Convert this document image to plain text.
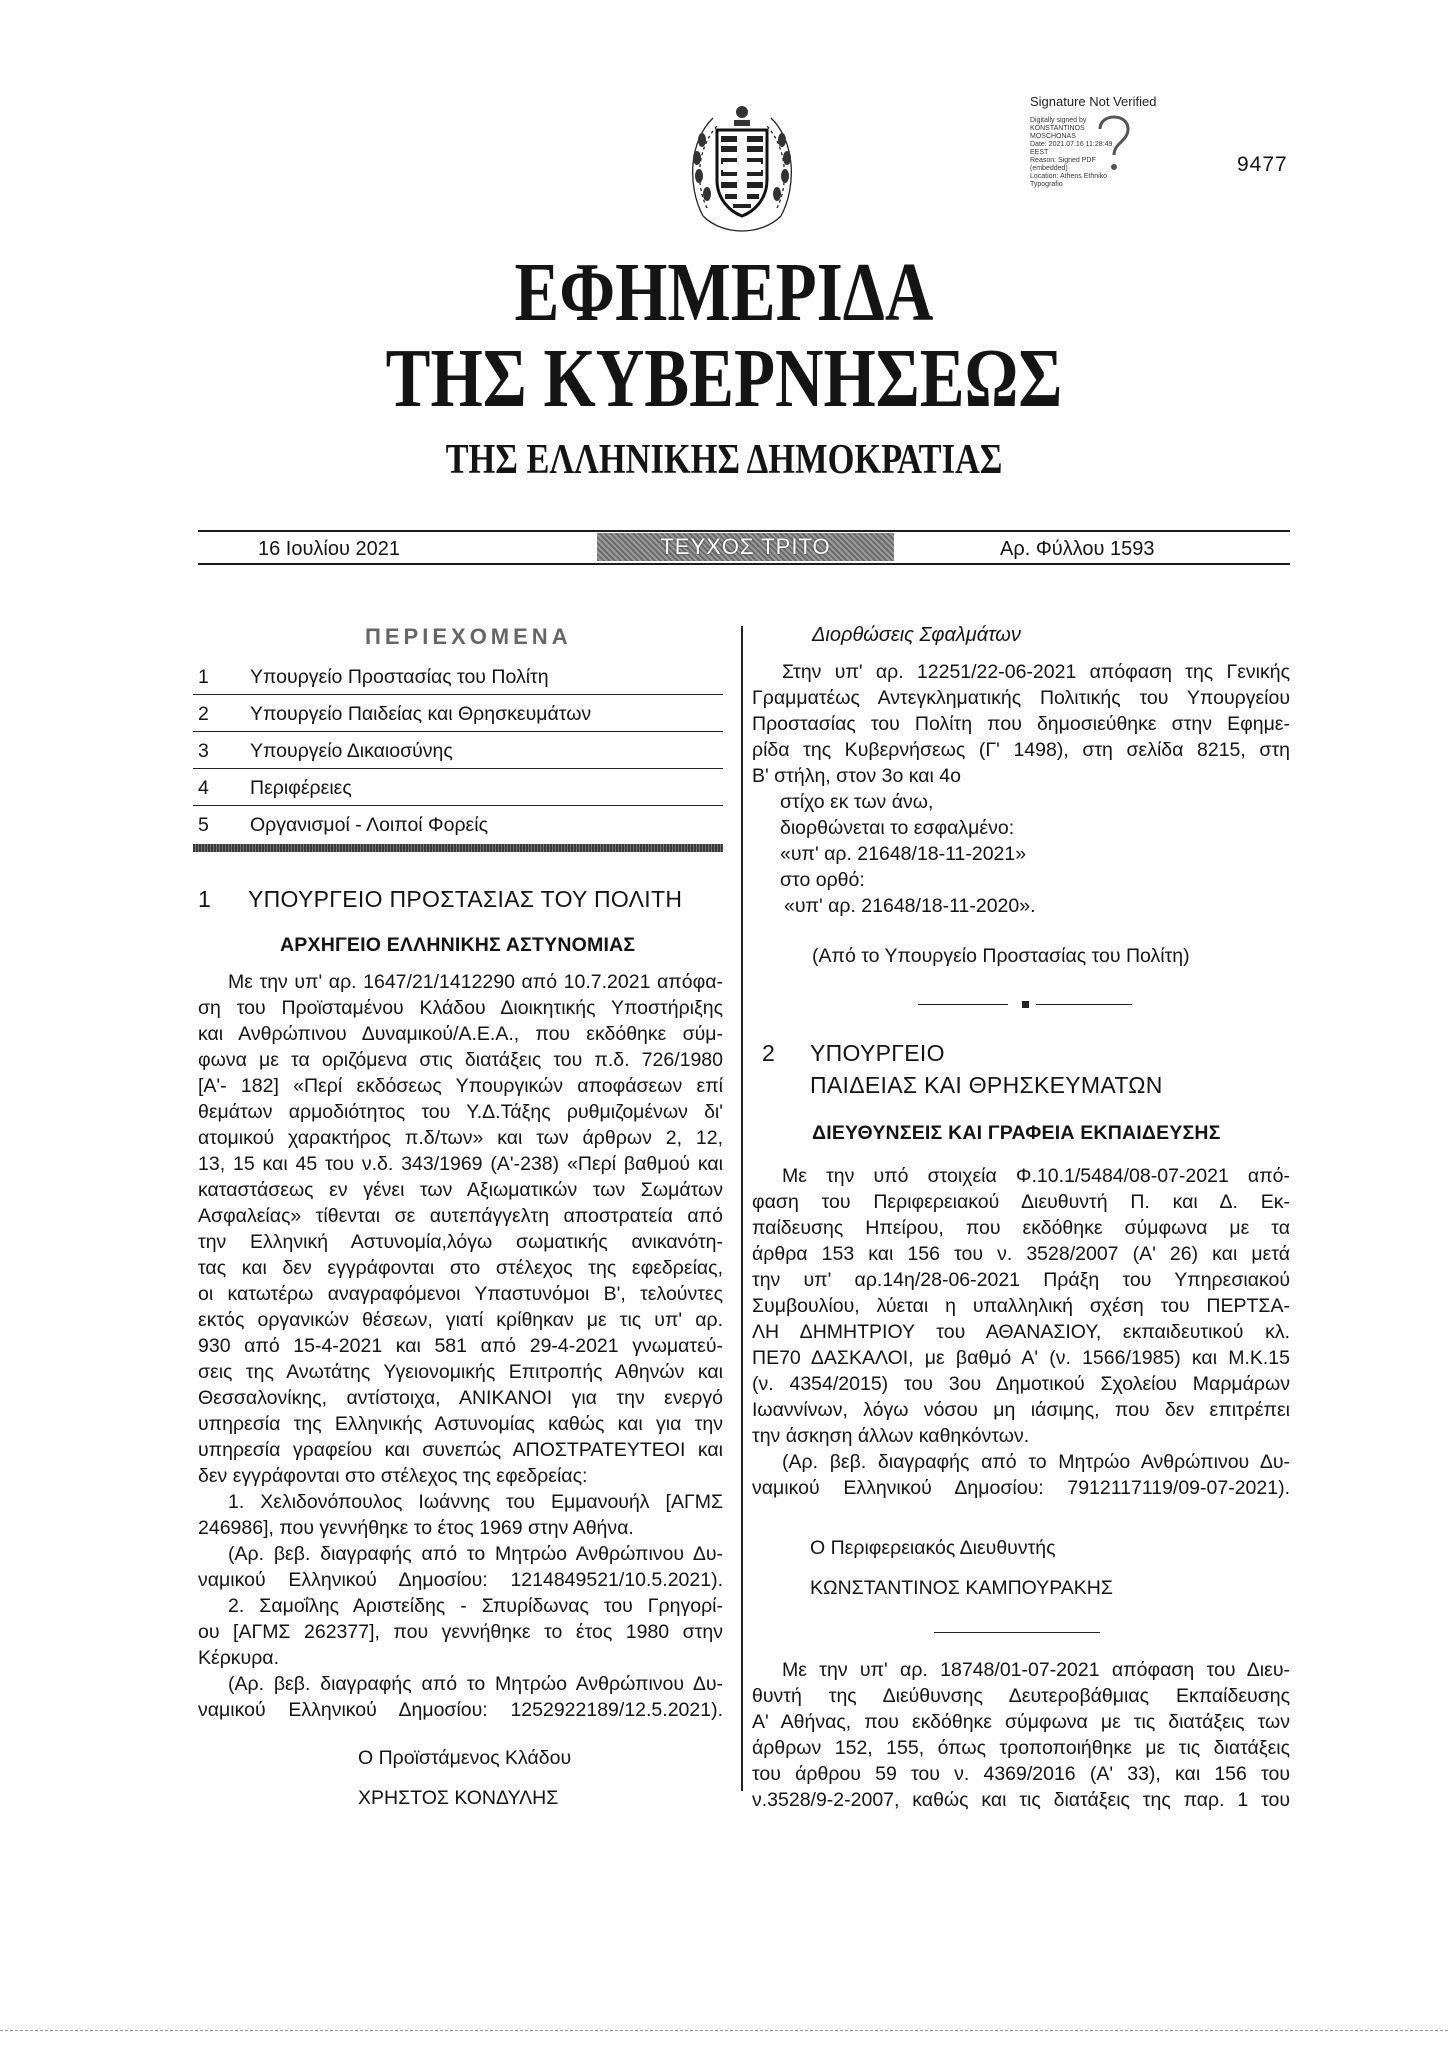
Signature Not Verified
Digitally signed by
KONSTANTINOS
MOSCHONAS
Date: 2021.07.16 11:28:49
EEST
Reason: Signed PDF
(embedded)
Location: Athens Ethniko
Typografio
9477
ΕΦΗΜΕΡΙΔΑ
ΤΗΣ ΚΥΒΕΡΝΗΣΕΩΣ
ΤΗΣ ΕΛΛΗΝΙΚΗΣ ΔΗΜΟΚΡΑΤΙΑΣ
16 Ιουλίου 2021	ΤΕΥΧΟΣ ΤΡΙΤΟ	Αρ. Φύλλου 1593
ΠΕΡΙΕΧΟΜΕΝΑ
1 Υπουργείο Προστασίας του Πολίτη
2 Υπουργείο Παιδείας και Θρησκευμάτων
3 Υπουργείο Δικαιοσύνης
4 Περιφέρειες
5 Οργανισμοί - Λοιποί Φορείς
1 ΥΠΟΥΡΓΕΙΟ ΠΡΟΣΤΑΣΙΑΣ ΤΟΥ ΠΟΛΙΤΗ
ΑΡΧΗΓΕΙΟ ΕΛΛΗΝΙΚΗΣ ΑΣΤΥΝΟΜΙΑΣ
Με την υπ' αρ. 1647/21/1412290 από 10.7.2021 απόφα-
ση του Προϊσταμένου Κλάδου Διοικητικής Υποστήριξης
και Ανθρώπινου Δυναμικού/Α.Ε.Α., που εκδόθηκε σύμ-
φωνα με τα οριζόμενα στις διατάξεις του π.δ. 726/1980
[Α'- 182] «Περί εκδόσεως Υπουργικών αποφάσεων επί
θεμάτων αρμοδιότητος του Υ.Δ.Τάξης ρυθμιζομένων δι'
ατομικού χαρακτήρος π.δ/των» και των άρθρων 2, 12,
13, 15 και 45 του ν.δ. 343/1969 (Α'-238) «Περί βαθμού και
καταστάσεως εν γένει των Αξιωματικών των Σωμάτων
Ασφαλείας» τίθενται σε αυτεπάγγελτη αποστρατεία από
την Ελληνική Αστυνομία,λόγω σωματικής ανικανότη-
τας και δεν εγγράφονται στο στέλεχος της εφεδρείας,
οι κατωτέρω αναγραφόμενοι Υπαστυνόμοι Β', τελούντες
εκτός οργανικών θέσεων, γιατί κρίθηκαν με τις υπ' αρ.
930 από 15-4-2021 και 581 από 29-4-2021 γνωματεύ-
σεις της Ανωτάτης Υγειονομικής Επιτροπής Αθηνών και
Θεσσαλονίκης, αντίστοιχα, ΑΝΙΚΑΝΟΙ για την ενεργό
υπηρεσία της Ελληνικής Αστυνομίας καθώς και για την
υπηρεσία γραφείου και συνεπώς ΑΠΟΣΤΡΑΤΕΥΤΕΟΙ και
δεν εγγράφονται στο στέλεχος της εφεδρείας:
1. Χελιδονόπουλος Ιωάννης του Εμμανουήλ [ΑΓΜΣ
246986], που γεννήθηκε το έτος 1969 στην Αθήνα.
(Αρ. βεβ. διαγραφής από το Μητρώο Ανθρώπινου Δυ-
ναμικού Ελληνικού Δημοσίου: 1214849521/10.5.2021).
2. Σαμοΐλης Αριστείδης - Σπυρίδωνας του Γρηγορί-
ου [ΑΓΜΣ 262377], που γεννήθηκε το έτος 1980 στην
Κέρκυρα.
(Αρ. βεβ. διαγραφής από το Μητρώο Ανθρώπινου Δυ-
ναμικού Ελληνικού Δημοσίου: 1252922189/12.5.2021).
Ο Προϊστάμενος Κλάδου
ΧΡΗΣΤΟΣ ΚΟΝΔΥΛΗΣ
Διορθώσεις Σφαλμάτων
Στην υπ' αρ. 12251/22-06-2021 απόφαση της Γενικής
Γραμματέως Αντεγκληματικής Πολιτικής του Υπουργείου
Προστασίας του Πολίτη που δημοσιεύθηκε στην Εφημε-
ρίδα της Κυβερνήσεως (Γ' 1498), στη σελίδα 8215, στη
Β' στήλη, στον 3ο και 4ο
στίχο εκ των άνω,
διορθώνεται το εσφαλμένο:
«υπ' αρ. 21648/18-11-2021»
στο ορθό:
«υπ' αρ. 21648/18-11-2020».
(Από το Υπουργείο Προστασίας του Πολίτη)
2 ΥΠΟΥΡΓΕΙΟ
ΠΑΙΔΕΙΑΣ ΚΑΙ ΘΡΗΣΚΕΥΜΑΤΩΝ
ΔΙΕΥΘΥΝΣΕΙΣ ΚΑΙ ΓΡΑΦΕΙΑ ΕΚΠΑΙΔΕΥΣΗΣ
Με την υπό στοιχεία Φ.10.1/5484/08-07-2021 από-
φαση του Περιφερειακού Διευθυντή Π. και Δ. Εκ-
παίδευσης Ηπείρου, που εκδόθηκε σύμφωνα με τα
άρθρα 153 και 156 του ν. 3528/2007 (Α' 26) και μετά
την υπ' αρ.14η/28-06-2021 Πράξη του Υπηρεσιακού
Συμβουλίου, λύεται η υπαλληλική σχέση του ΠΕΡΤΣΑ-
ΛΗ ΔΗΜΗΤΡΙΟΥ του ΑΘΑΝΑΣΙΟΥ, εκπαιδευτικού κλ.
ΠΕ70 ΔΑΣΚΑΛΟΙ, με βαθμό Α' (ν. 1566/1985) και Μ.Κ.15
(ν. 4354/2015) του 3ου Δημοτικού Σχολείου Μαρμάρων
Ιωαννίνων, λόγω νόσου μη ιάσιμης, που δεν επιτρέπει
την άσκηση άλλων καθηκόντων.
(Αρ. βεβ. διαγραφής από το Μητρώο Ανθρώπινου Δυ-
ναμικού Ελληνικού Δημοσίου: 7912117119/09-07-2021).
Ο Περιφερειακός Διευθυντής
ΚΩΝΣΤΑΝΤΙΝΟΣ ΚΑΜΠΟΥΡΑΚΗΣ
Με την υπ' αρ. 18748/01-07-2021 απόφαση του Διευ-
θυντή της Διεύθυνσης Δευτεροβάθμιας Εκπαίδευσης
Α' Αθήνας, που εκδόθηκε σύμφωνα με τις διατάξεις των
άρθρων 152, 155, όπως τροποποιήθηκε με τις διατάξεις
του άρθρου 59 του ν. 4369/2016 (Α' 33), και 156 του
ν.3528/9-2-2007, καθώς και τις διατάξεις της παρ. 1 του
